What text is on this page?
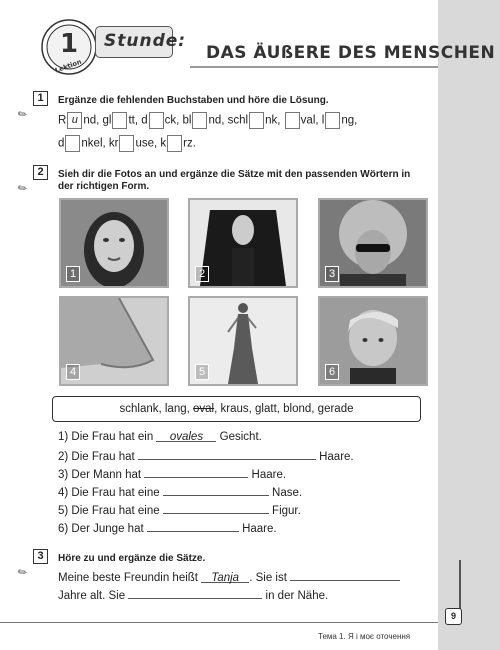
1
Lektion
Stunde:
DAS ÄUßERE DES MENSCHEN
1
✎
Ergänze die fehlenden Buchstaben und höre die Lösung.
R u nd, gl tt, d ck, bl nd, schl nk, val, l ng,
d nkel, kr use, k rz.
2
✎
Sieh dir die Fotos an und ergänze die Sätze mit den passenden Wörtern in
der richtigen Form.
1	2	3
4	5	6
schlank, lang, oval, kraus, glatt, blond, gerade
1) Die Frau hat ein ovales Gesicht.
2) Die Frau hat	Haare.
3) Der Mann hat	Haare.
4) Die Frau hat eine	Nase.
5) Die Frau hat eine	Figur.
6) Der Junge hat	Haare.
3
✎
Höre zu und ergänze die Sätze.
Meine beste Freundin heißt Tanja . Sie ist
Jahre alt. Sie	in der Nähe.
9
Тема 1. Я і моє оточення
